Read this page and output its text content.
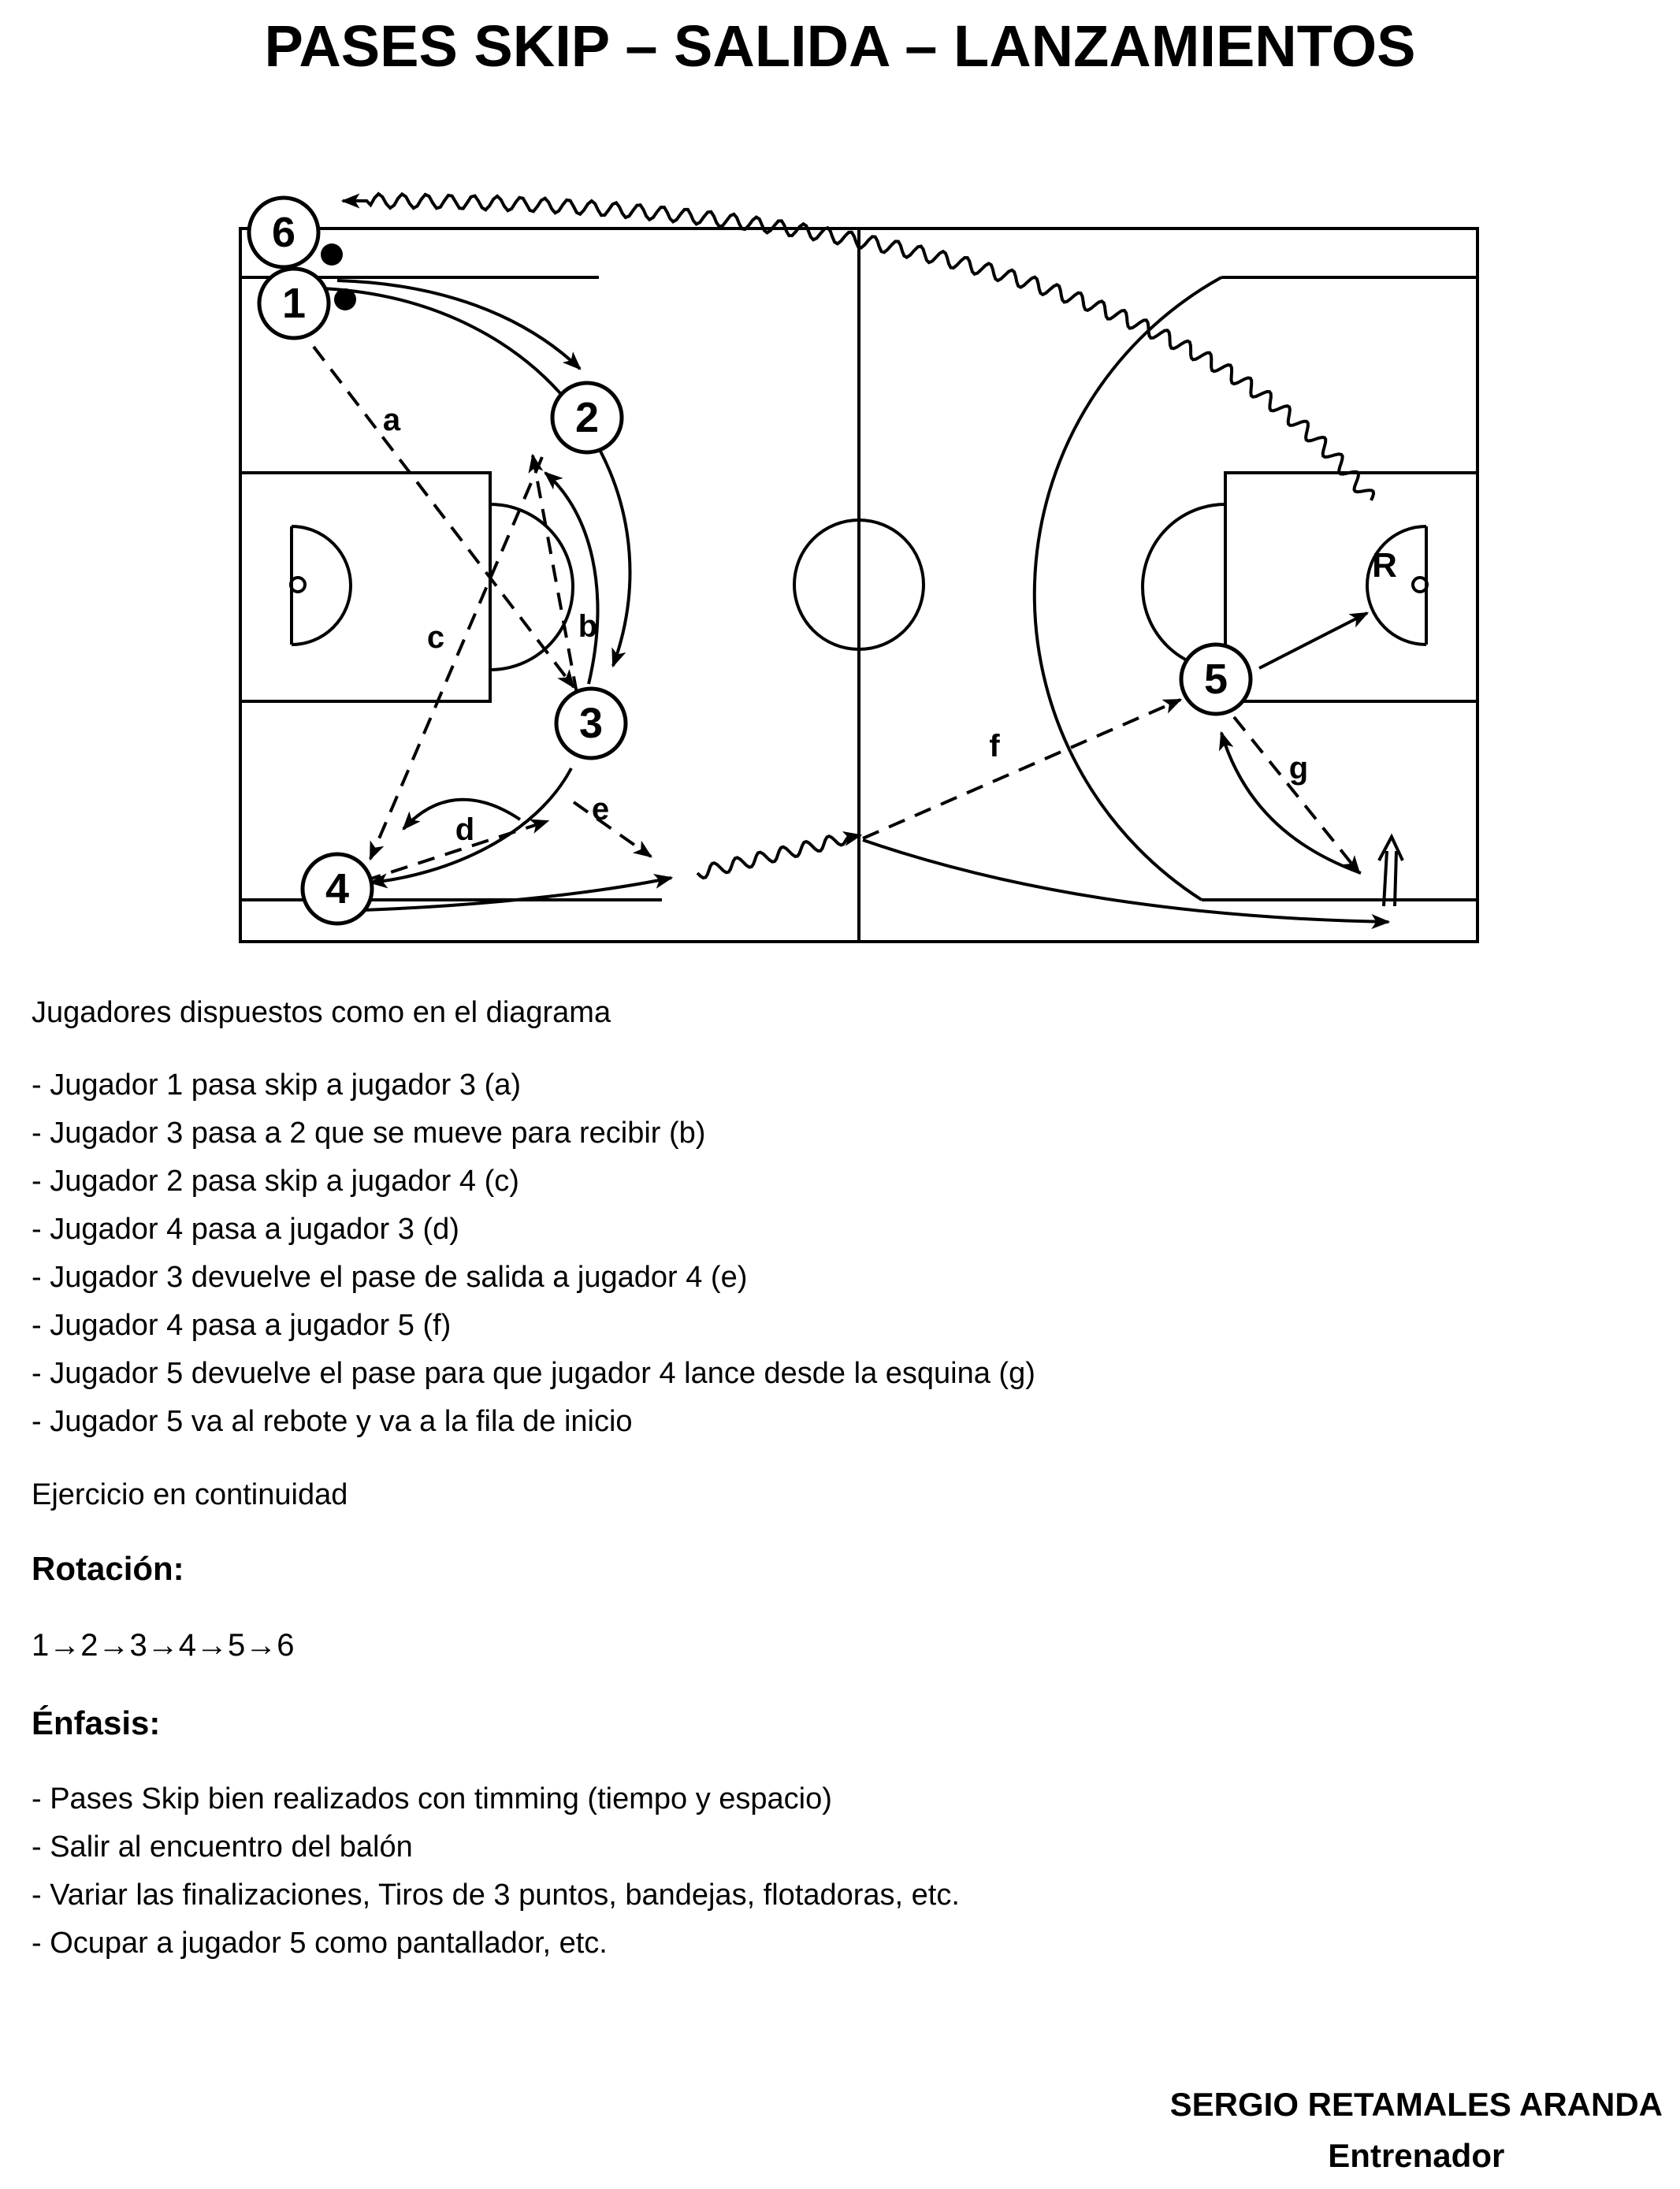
PASES SKIP – SALIDA – LANZAMIENTOS
6
1
2
3
4
5
a
b
c
d
e
f
g
R
Jugadores dispuestos como en el diagrama
- Jugador 1 pasa skip a jugador 3 (a)
- Jugador 3 pasa a 2 que se mueve para recibir (b)
- Jugador 2 pasa skip a jugador 4 (c)
- Jugador 4 pasa a jugador 3 (d)
- Jugador 3 devuelve el pase de salida a jugador 4 (e)
- Jugador 4 pasa a jugador 5 (f)
- Jugador 5 devuelve el pase para que jugador 4 lance desde la esquina (g)
- Jugador 5 va al rebote y va a la fila de inicio
Ejercicio en continuidad
Rotación:
1→2→3→4→5→6
Énfasis:
- Pases Skip bien realizados con timming (tiempo y espacio)
- Salir al encuentro del balón
- Variar las finalizaciones, Tiros de 3 puntos, bandejas, flotadoras, etc.
- Ocupar a jugador 5 como pantallador, etc.
SERGIO RETAMALES ARANDA
Entrenador
